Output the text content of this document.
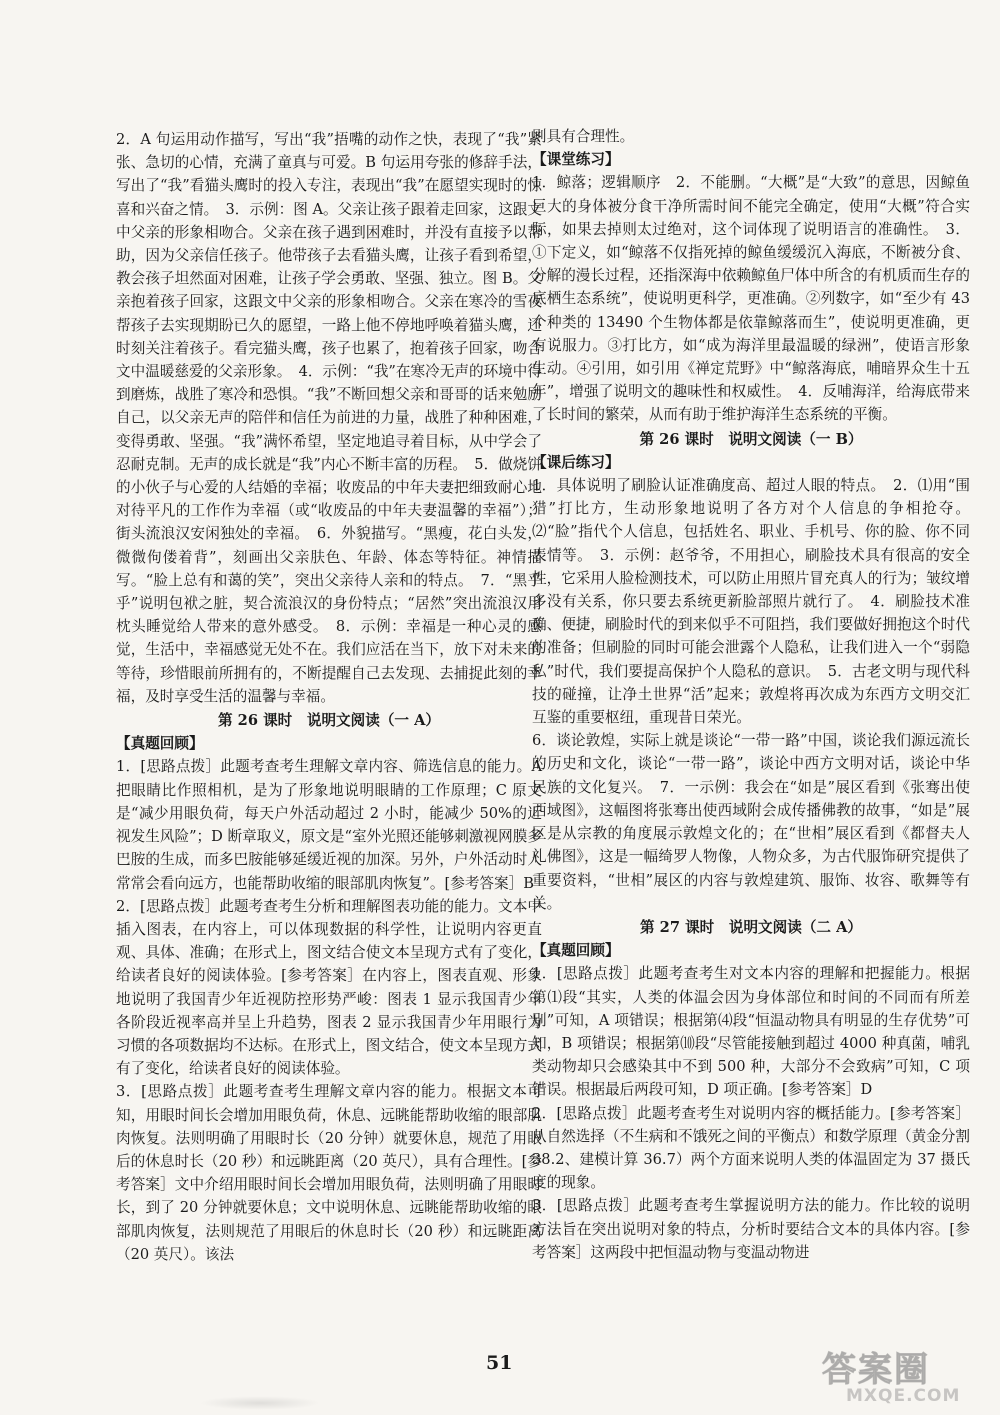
2．A 句运用动作描写，写出“我”捂嘴的动作之快，表现了“我”紧张、急切的心情，充满了童真与可爱。B 句运用夸张的修辞手法，写出了“我”看猫头鹰时的投入专注，表现出“我”在愿望实现时的惊喜和兴奋之情。　3．示例：图 A。父亲让孩子跟着走回家，这跟文中父亲的形象相吻合。父亲在孩子遇到困难时，并没有直接予以帮助，因为父亲信任孩子。他带孩子去看猫头鹰，让孩子看到希望，教会孩子坦然面对困难，让孩子学会勇敢、坚强、独立。图 B。父亲抱着孩子回家，这跟文中父亲的形象相吻合。父亲在寒冷的雪夜帮孩子去实现期盼已久的愿望，一路上他不停地呼唤着猫头鹰，还时刻关注着孩子。看完猫头鹰，孩子也累了，抱着孩子回家，吻合文中温暖慈爱的父亲形象。　4．示例：“我”在寒冷无声的环境中得到磨炼，战胜了寒冷和恐惧。“我”不断回想父亲和哥哥的话来勉励自己，以父亲无声的陪伴和信任为前进的力量，战胜了种种困难，变得勇敢、坚强。“我”满怀希望，坚定地追寻着目标，从中学会了忍耐克制。无声的成长就是“我”内心不断丰富的历程。　5．做烧饼的小伙子与心爱的人结婚的幸福；收废品的中年夫妻把细致耐心地对待平凡的工作作为幸福（或“收废品的中年夫妻温馨的幸福”）；街头流浪汉安闲独处的幸福。　6．外貌描写。“黑瘦，花白头发，微微佝偻着背”，刻画出父亲肤色、年龄、体态等特征。神情描写。“脸上总有和蔼的笑”，突出父亲待人亲和的特点。　7．“黑乎乎”说明包袱之脏，契合流浪汉的身份特点；“居然”突出流浪汉用枕头睡觉给人带来的意外感受。　8．示例：幸福是一种心灵的感觉，生活中，幸福感觉无处不在。我们应活在当下，放下对未来的等待，珍惜眼前所拥有的，不断提醒自己去发现、去捕捉此刻的幸福，及时享受生活的温馨与幸福。

第 26 课时　说明文阅读（一 A）
【真题回顾】

1．[思路点拨］此题考查考生理解文章内容、筛选信息的能力。A 把眼睛比作照相机，是为了形象地说明眼睛的工作原理；C 原文是“减少用眼负荷，每天户外活动超过 2 小时，能减少 50%的近视发生风险”；D 断章取义，原文是“室外光照还能够刺激视网膜多巴胺的生成，而多巴胺能够延缓近视的加深。另外，户外活动时人常常会看向远方，也能帮助收缩的眼部肌肉恢复”。[参考答案］B

2．[思路点拨］此题考查考生分析和理解图表功能的能力。文本中插入图表，在内容上，可以体现数据的科学性，让说明内容更直观、具体、准确；在形式上，图文结合使文本呈现方式有了变化，给读者良好的阅读体验。[参考答案］在内容上，图表直观、形象地说明了我国青少年近视防控形势严峻：图表 1 显示我国青少年各阶段近视率高并呈上升趋势，图表 2 显示我国青少年用眼行为习惯的各项数据均不达标。在形式上，图文结合，使文本呈现方式有了变化，给读者良好的阅读体验。

3．[思路点拨］此题考查考生理解文章内容的能力。根据文本可知，用眼时间长会增加用眼负荷，休息、远眺能帮助收缩的眼部肌肉恢复。法则明确了用眼时长（20 分钟）就要休息，规范了用眼后的休息时长（20 秒）和远眺距离（20 英尺），具有合理性。[参考答案］文中介绍用眼时间长会增加用眼负荷，法则明确了用眼时长，到了 20 分钟就要休息；文中说明休息、远眺能帮助收缩的眼部肌肉恢复，法则规范了用眼后的休息时长（20 秒）和远眺距离（20 英尺）。该法

则具有合理性。

【课堂练习】

1．鲸落；逻辑顺序　2．不能删。“大概”是“大致”的意思，因鲸鱼巨大的身体被分食干净所需时间不能完全确定，使用“大概”符合实际，如果去掉则太过绝对，这个词体现了说明语言的准确性。　3．①下定义，如“鲸落不仅指死掉的鲸鱼缓缓沉入海底，不断被分食、分解的漫长过程，还指深海中依赖鲸鱼尸体中所含的有机质而生存的底栖生态系统”，使说明更科学，更准确。②列数字，如“至少有 43 个种类的 13490 个生物体都是依靠鲸落而生”，使说明更准确，更有说服力。③打比方，如“成为海洋里最温暖的绿洲”，使语言形象生动。④引用，如引用《禅定荒野》中“鲸落海底，哺暗界众生十五年”，增强了说明文的趣味性和权威性。　4．反哺海洋，给海底带来了长时间的繁荣，从而有助于维护海洋生态系统的平衡。

第 26 课时　说明文阅读（一 B）
【课后练习】

1．具体说明了刷脸认证准确度高、超过人眼的特点。　2．⑴用“围猎”打比方，生动形象地说明了各方对个人信息的争相抢夺。⑵“脸”指代个人信息，包括姓名、职业、手机号、你的脸、你不同表情等。　3．示例：赵爷爷，不用担心，刷脸技术具有很高的安全性，它采用人脸检测技术，可以防止用照片冒充真人的行为；皱纹增多没有关系，你只要去系统更新脸部照片就行了。　4．刷脸技术准确、便捷，刷脸时代的到来似乎不可阻挡，我们要做好拥抱这个时代的准备；但刷脸的同时可能会泄露个人隐私，让我们进入一个“弱隐私”时代，我们要提高保护个人隐私的意识。　5．古老文明与现代科技的碰撞，让净土世界“活”起来；敦煌将再次成为东西方文明交汇互鉴的重要枢纽，重现昔日荣光。

6．谈论敦煌，实际上就是谈论“一带一路”中国，谈论我们源远流长的历史和文化，谈论“一带一路”，谈论中西方文明对话，谈论中华民族的文化复兴。　7．一示例：我会在“如是”展区看到《张骞出使西域图》，这幅图将张骞出使西域附会成传播佛教的故事，“如是”展区是从宗教的角度展示敦煌文化的；在“世相”展区看到《都督夫人礼佛图》，这是一幅绮罗人物像，人物众多，为古代服饰研究提供了重要资料，“世相”展区的内容与敦煌建筑、服饰、妆容、歌舞等有关。

第 27 课时　说明文阅读（二 A）
【真题回顾】

1．[思路点拨］此题考查考生对文本内容的理解和把握能力。根据第⑴段“其实，人类的体温会因为身体部位和时间的不同而有所差别”可知，A 项错误；根据第⑷段“恒温动物具有明显的生存优势”可知，B 项错误；根据第⑽段“尽管能接触到超过 4000 种真菌，哺乳类动物却只会感染其中不到 500 种，大部分不会致病”可知，C 项错误。根据最后两段可知，D 项正确。[参考答案］D

2．[思路点拨］此题考查考生对说明内容的概括能力。[参考答案］从自然选择（不生病和不饿死之间的平衡点）和数学原理（黄金分割 38.2、建模计算 36.7）两个方面来说明人类的体温固定为 37 摄氏度的现象。

3．[思路点拨］此题考查考生掌握说明方法的能力。作比较的说明方法旨在突出说明对象的特点，分析时要结合文本的具体内容。[参考答案］这两段中把恒温动物与变温动物进

51	答案圈
MXQE.COM
